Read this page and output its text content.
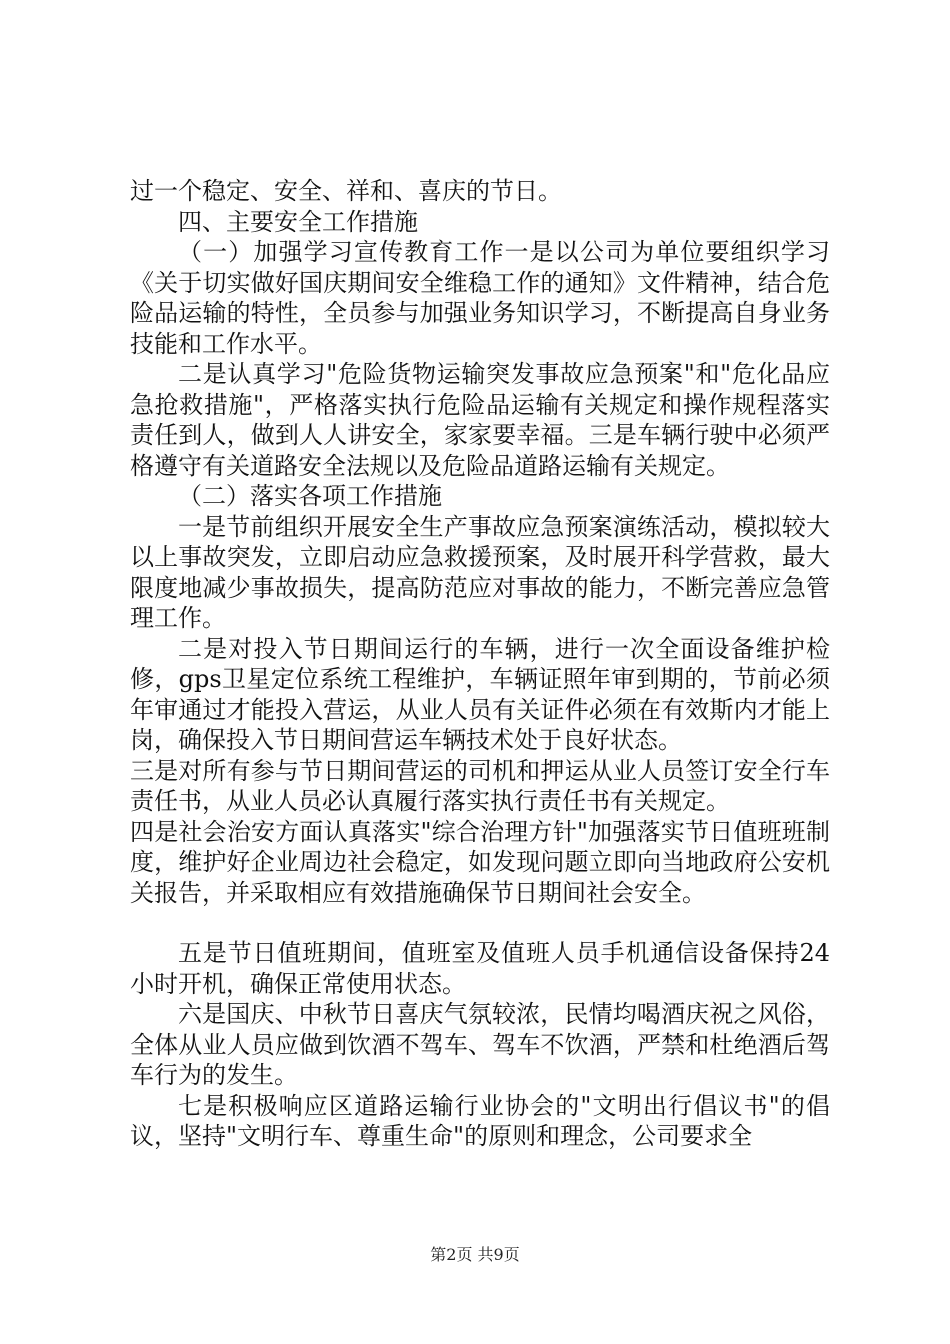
过一个稳定、安全、祥和、喜庆的节日。

四、主要安全工作措施

（一）加强学习宣传教育工作一是以公司为单位要组织学习《关于切实做好国庆期间安全维稳工作的通知》文件精神，结合危险品运输的特性，全员参与加强业务知识学习，不断提高自身业务技能和工作水平。

二是认真学习"危险货物运输突发事故应急预案"和"危化品应急抢救措施"，严格落实执行危险品运输有关规定和操作规程落实责任到人，做到人人讲安全，家家要幸福。三是车辆行驶中必须严格遵守有关道路安全法规以及危险品道路运输有关规定。

（二）落实各项工作措施

一是节前组织开展安全生产事故应急预案演练活动，模拟较大以上事故突发，立即启动应急救援预案，及时展开科学营救，最大限度地减少事故损失，提高防范应对事故的能力，不断完善应急管理工作。

二是对投入节日期间运行的车辆，进行一次全面设备维护检修，gps卫星定位系统工程维护，车辆证照年审到期的，节前必须年审通过才能投入营运，从业人员有关证件必须在有效斯内才能上岗，确保投入节日期间营运车辆技术处于良好状态。

三是对所有参与节日期间营运的司机和押运从业人员签订安全行车责任书，从业人员必认真履行落实执行责任书有关规定。

四是社会治安方面认真落实"综合治理方针"加强落实节日值班班制度，维护好企业周边社会稳定，如发现问题立即向当地政府公安机关报告，并采取相应有效措施确保节日期间社会安全。

五是节日值班期间，值班室及值班人员手机通信设备保持24小时开机，确保正常使用状态。

六是国庆、中秋节日喜庆气氛较浓，民情均喝酒庆祝之风俗，全体从业人员应做到饮酒不驾车、驾车不饮酒，严禁和杜绝酒后驾车行为的发生。

七是积极响应区道路运输行业协会的"文明出行倡议书"的倡议，坚持"文明行车、尊重生命"的原则和理念，公司要求全

第2页 共9页
